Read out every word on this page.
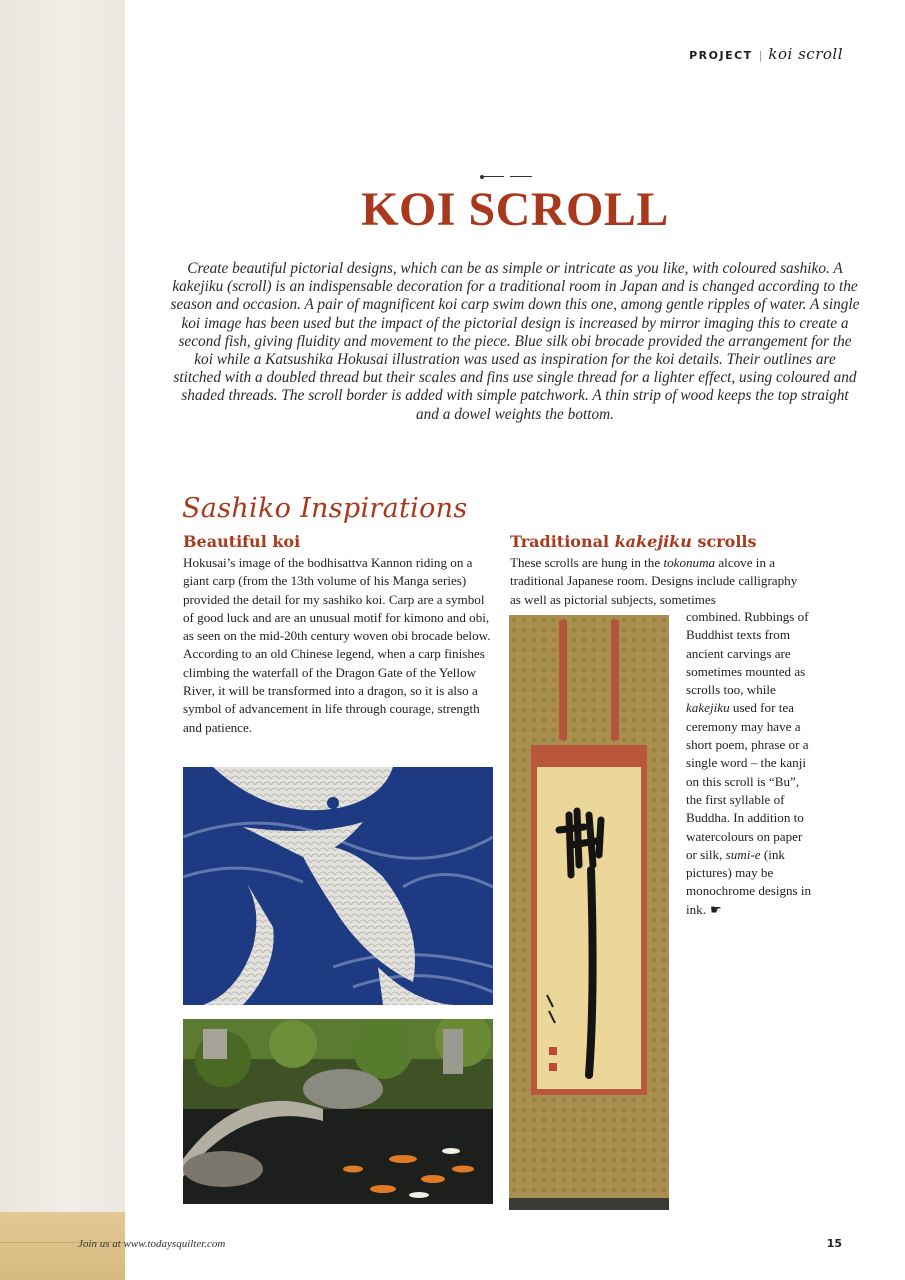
PROJECT | koi scroll
KOI SCROLL

Create beautiful pictorial designs, which can be as simple or intricate as you like, with coloured sashiko. A kakejiku (scroll) is an indispensable decoration for a traditional room in Japan and is changed according to the season and occasion. A pair of magnificent koi carp swim down this one, among gentle ripples of water. A single koi image has been used but the impact of the pictorial design is increased by mirror imaging this to create a second fish, giving fluidity and movement to the piece. Blue silk obi brocade provided the arrangement for the koi while a Katsushika Hokusai illustration was used as inspiration for the koi details. Their outlines are stitched with a doubled thread but their scales and fins use single thread for a lighter effect, using coloured and shaded threads. The scroll border is added with simple patchwork. A thin strip of wood keeps the top straight and a dowel weights the bottom.

Sashiko Inspirations
Beautiful koi

Hokusai’s image of the bodhisattva Kannon riding on a giant carp (from the 13th volume of his Manga series) provided the detail for my sashiko koi. Carp are a symbol of good luck and are an unusual motif for kimono and obi, as seen on the mid-20th century woven obi brocade below. According to an old Chinese legend, when a carp finishes climbing the waterfall of the Dragon Gate of the Yellow River, it will be transformed into a dragon, so it is also a symbol of advancement in life through courage, strength and patience.

Traditional kakejiku scrolls

These scrolls are hung in the tokonuma alcove in a traditional Japanese room. Designs include calligraphy as well as pictorial subjects, sometimes

combined. Rubbings of Buddhist texts from ancient carvings are sometimes mounted as scrolls too, while kakejiku used for tea ceremony may have a short poem, phrase or a single word – the kanji on this scroll is “Bu”, the first syllable of Buddha. In addition to watercolours on paper or silk, sumi-e (ink pictures) may be monochrome designs in ink. ☛

Join us at www.todaysquilter.com	15
